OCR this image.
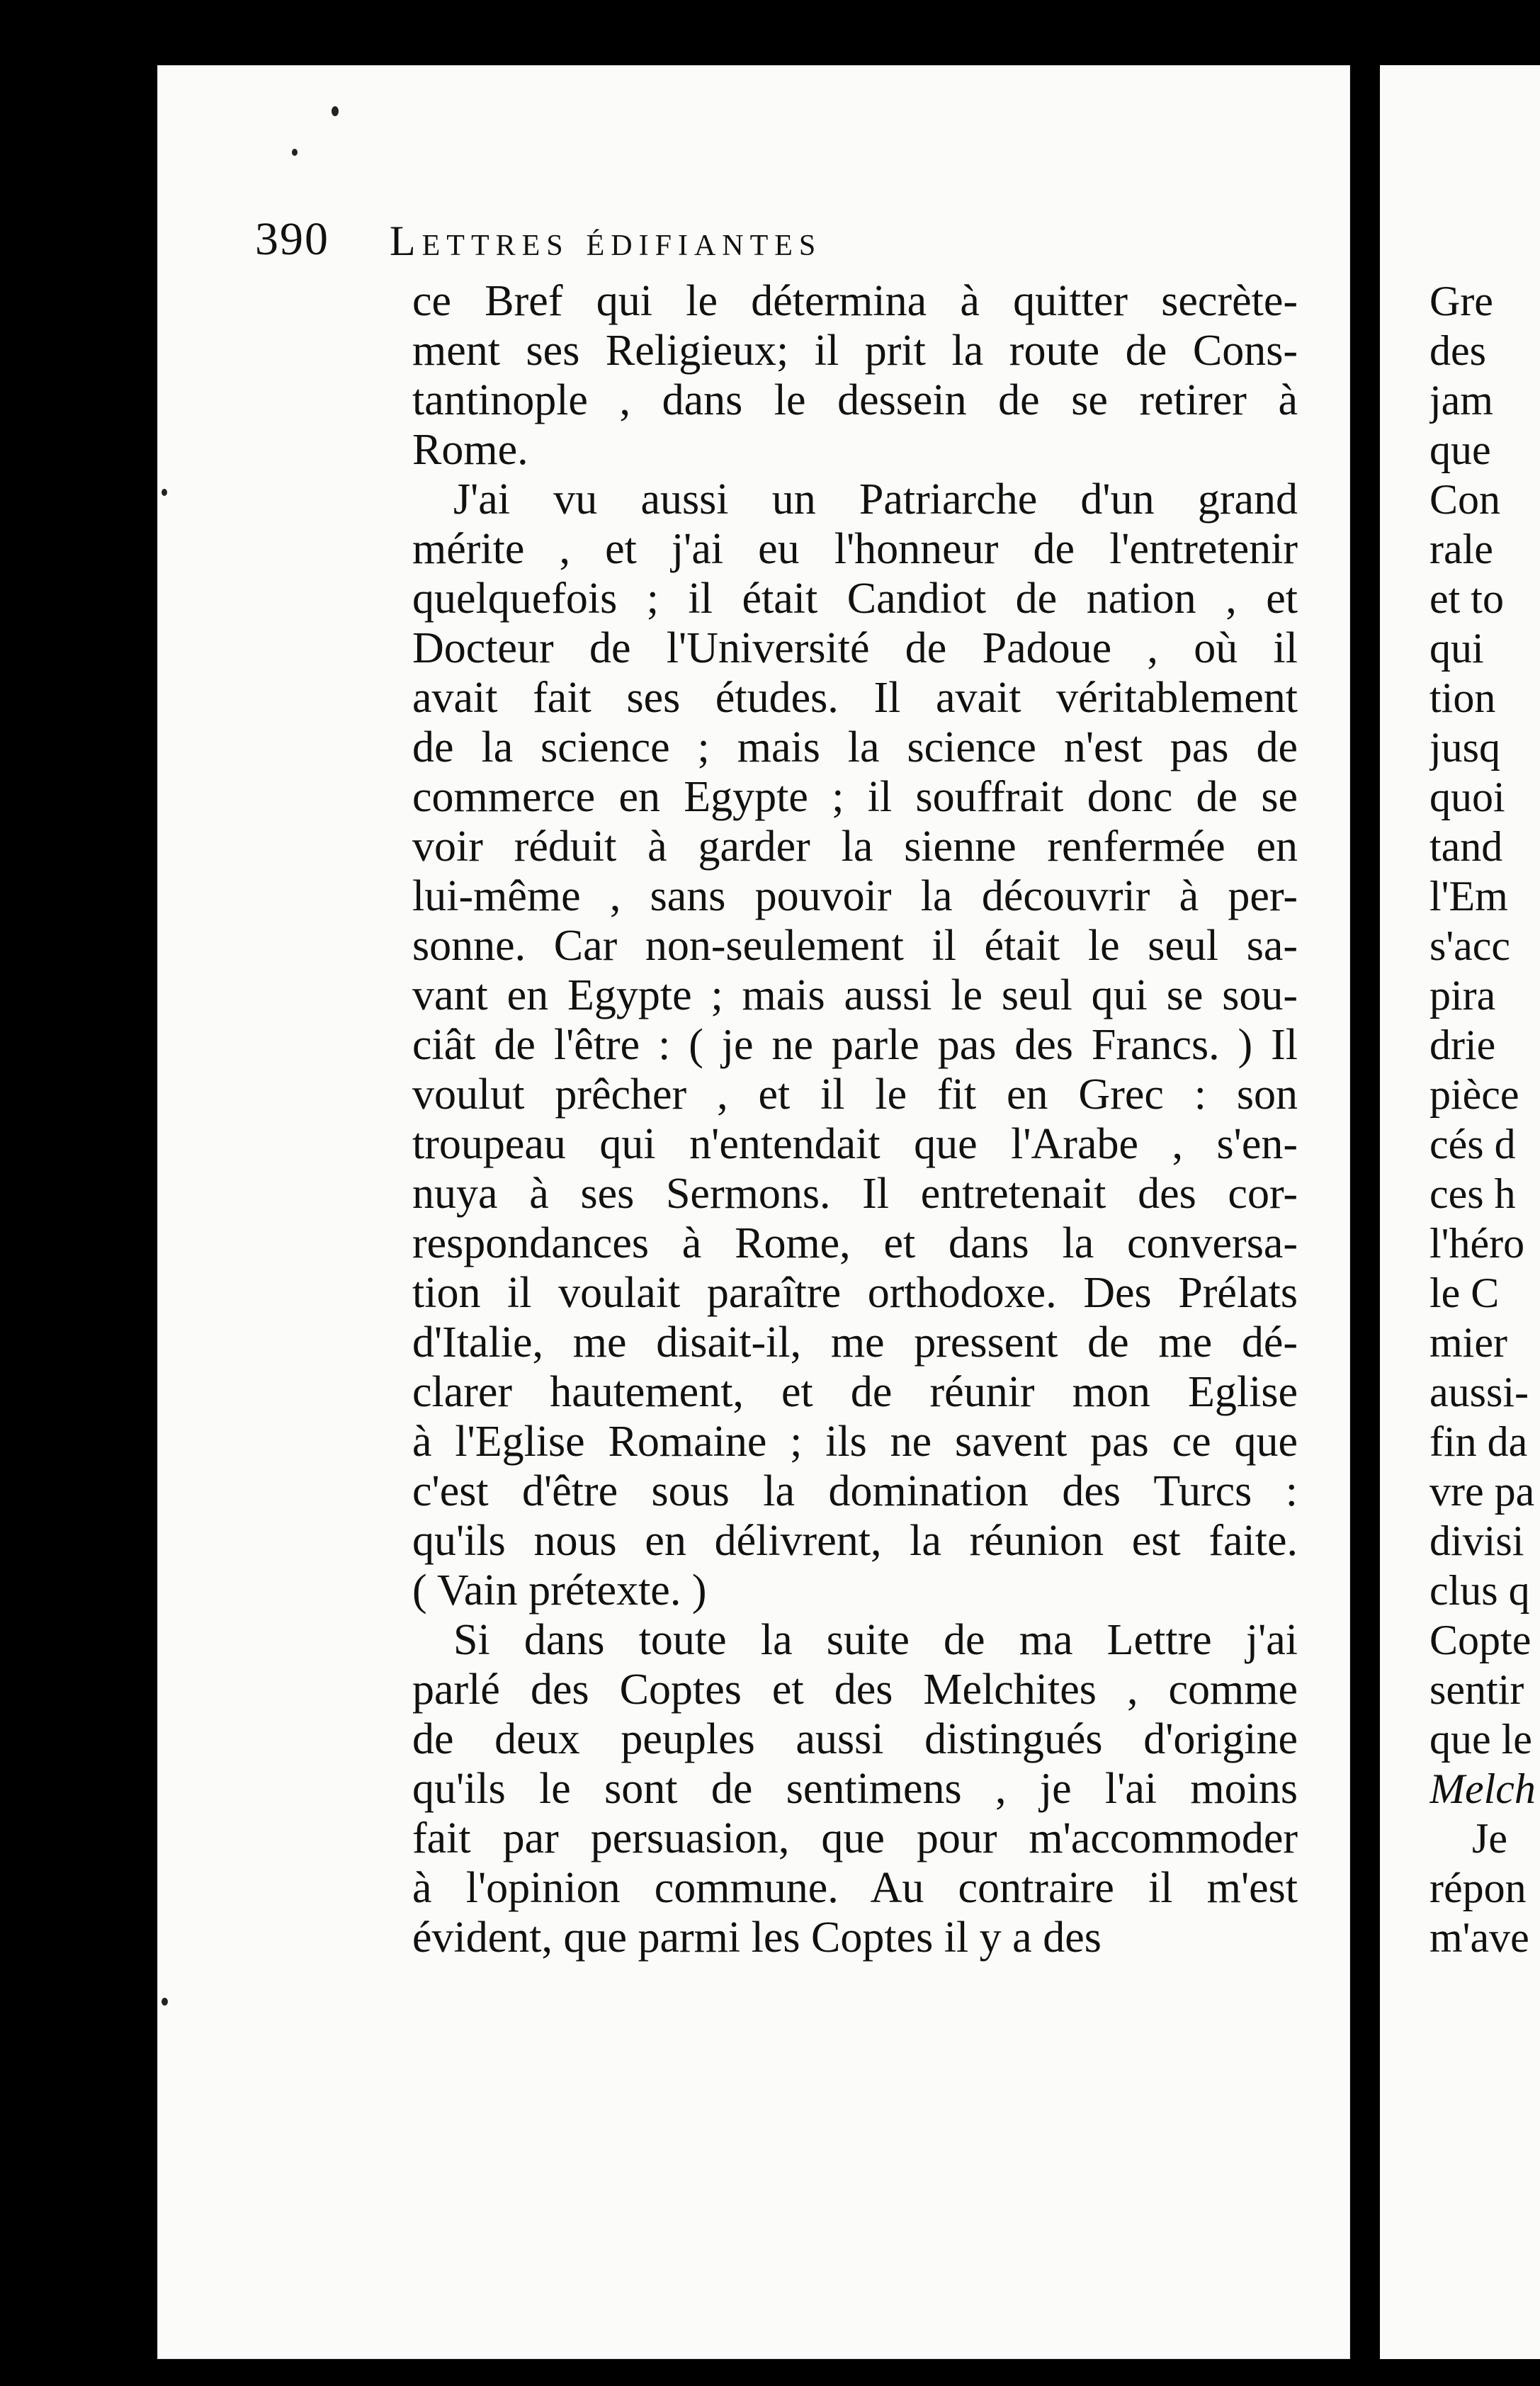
390 Lettres édifiantes
ce Bref qui le détermina à quitter secrète-
ment ses Religieux; il prit la route de Cons-
tantinople , dans le dessein de se retirer à
Rome.
J'ai vu aussi un Patriarche d'un grand
mérite , et j'ai eu l'honneur de l'entretenir
quelquefois ; il était Candiot de nation , et
Docteur de l'Université de Padoue , où il
avait fait ses études. Il avait véritablement
de la science ; mais la science n'est pas de
commerce en Egypte ; il souffrait donc de se
voir réduit à garder la sienne renfermée en
lui-même , sans pouvoir la découvrir à per-
sonne. Car non-seulement il était le seul sa-
vant en Egypte ; mais aussi le seul qui se sou-
ciât de l'être : ( je ne parle pas des Francs. ) Il
voulut prêcher , et il le fit en Grec : son
troupeau qui n'entendait que l'Arabe , s'en-
nuya à ses Sermons. Il entretenait des cor-
respondances à Rome, et dans la conversa-
tion il voulait paraître orthodoxe. Des Prélats
d'Italie, me disait-il, me pressent de me dé-
clarer hautement, et de réunir mon Eglise
à l'Eglise Romaine ; ils ne savent pas ce que
c'est d'être sous la domination des Turcs :
qu'ils nous en délivrent, la réunion est faite.
( Vain prétexte. )
Si dans toute la suite de ma Lettre j'ai
parlé des Coptes et des Melchites , comme
de deux peuples aussi distingués d'origine
qu'ils le sont de sentimens , je l'ai moins
fait par persuasion, que pour m'accommoder
à l'opinion commune. Au contraire il m'est
évident, que parmi les Coptes il y a des
Gre
des
jam
que
Con
rale
et to
qui
tion
jusq
quoi
tand
l'Em
s'acc
pira
drie
pièce
cés d
ces h
l'héro
le C
mier
aussi-
fin da
vre pa
divisi
clus q
Copte
sentir
que le
Melch
Je
répon
m'ave
